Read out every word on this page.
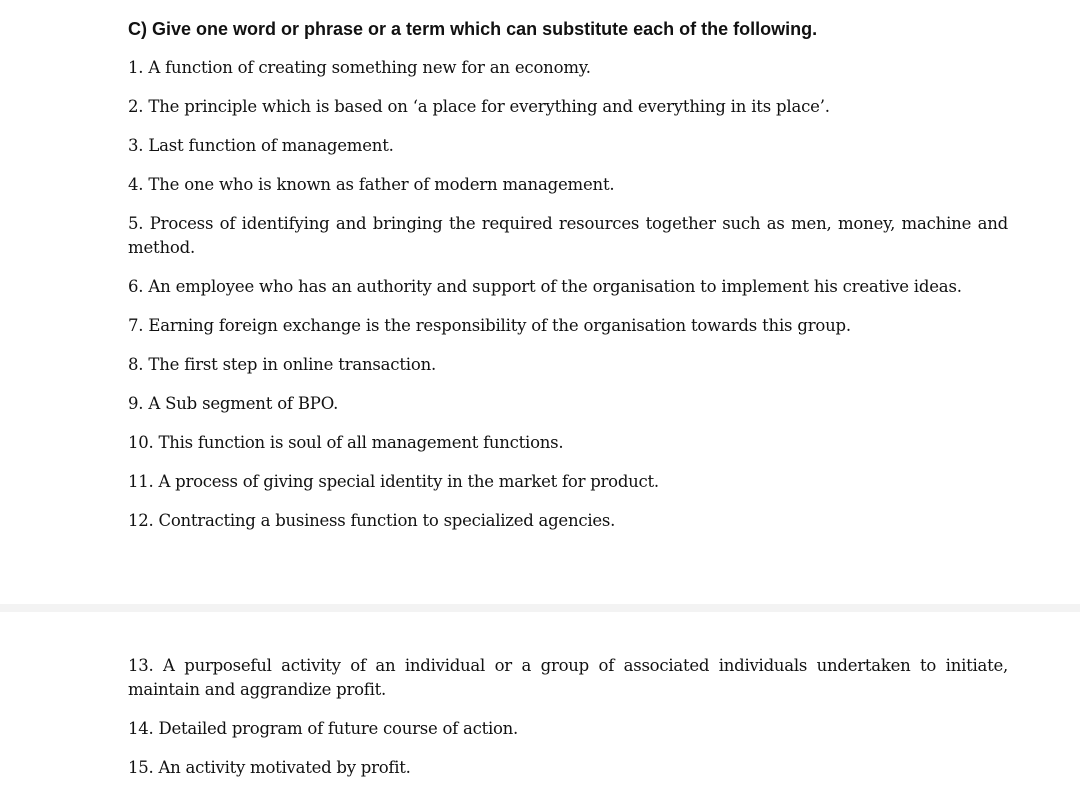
C) Give one word or phrase or a term which can substitute each of the following.

1. A function of creating something new for an economy.

2. The principle which is based on ‘a place for everything and everything in its place’.

3. Last function of management.

4. The one who is known as father of modern management.

5. Process of identifying and bringing the required resources together such as men, money, machine and method.

6. An employee who has an authority and support of the organisation to implement his creative ideas.

7. Earning foreign exchange is the responsibility of the organisation towards this group.

8. The first step in online transaction.

9. A Sub segment of BPO.

10. This function is soul of all management functions.

11. A process of giving special identity in the market for product.

12. Contracting a business function to specialized agencies.

13. A purposeful activity of an individual or a group of associated individuals undertaken to initiate, maintain and aggrandize profit.

14. Detailed program of future course of action.

15. An activity motivated by profit.
